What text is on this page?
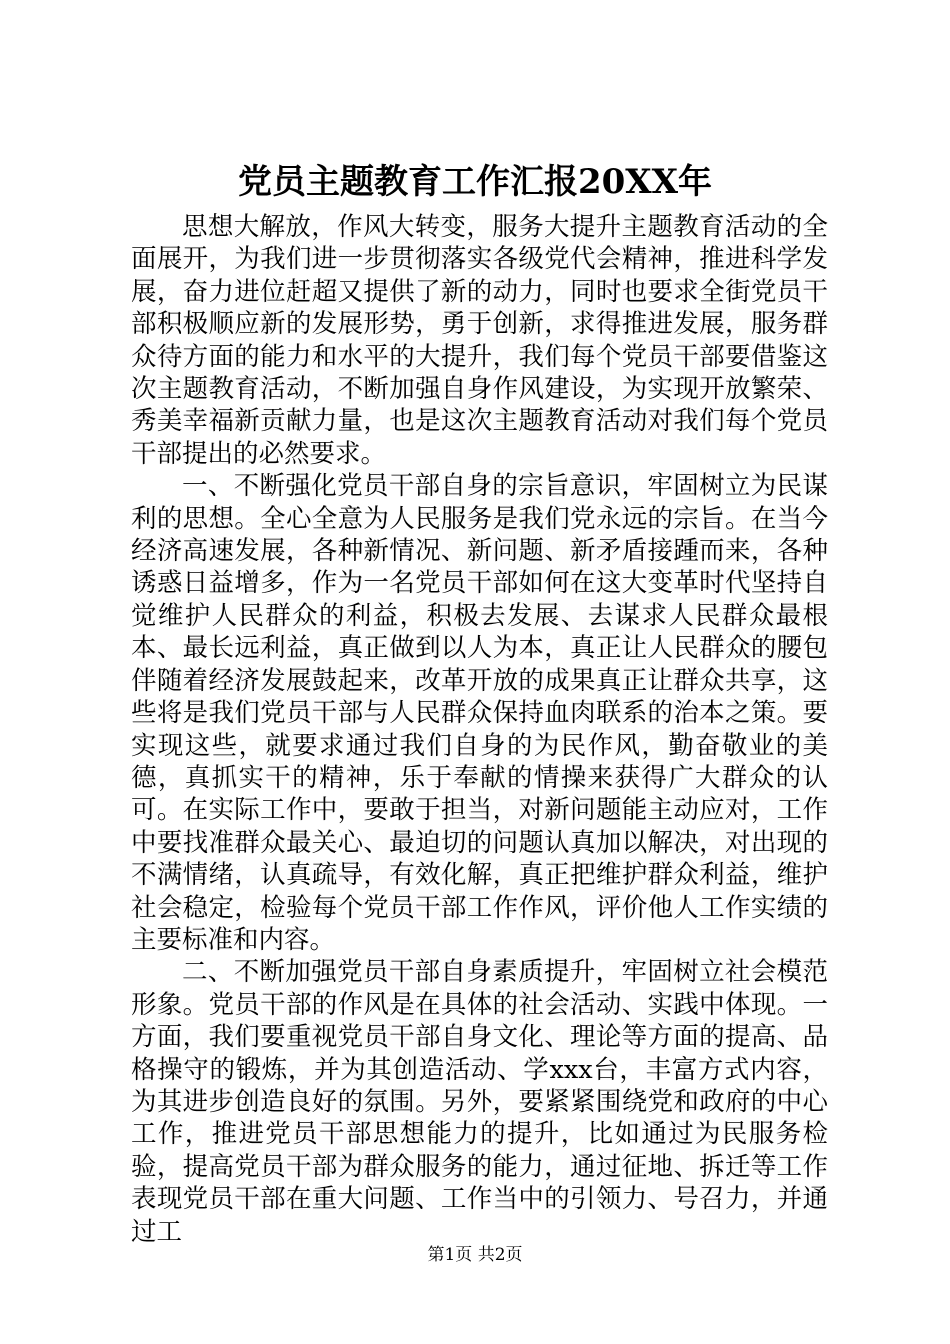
党员主题教育工作汇报20XX年

思想大解放，作风大转变，服务大提升主题教育活动的全面展开，为我们进一步贯彻落实各级党代会精神，推进科学发展，奋力进位赶超又提供了新的动力，同时也要求全街党员干部积极顺应新的发展形势，勇于创新，求得推进发展，服务群众待方面的能力和水平的大提升，我们每个党员干部要借鉴这次主题教育活动，不断加强自身作风建设，为实现开放繁荣、秀美幸福新贡献力量，也是这次主题教育活动对我们每个党员干部提出的必然要求。

一、不断强化党员干部自身的宗旨意识，牢固树立为民谋利的思想。全心全意为人民服务是我们党永远的宗旨。在当今经济高速发展，各种新情况、新问题、新矛盾接踵而来，各种诱惑日益增多，作为一名党员干部如何在这大变革时代坚持自觉维护人民群众的利益，积极去发展、去谋求人民群众最根本、最长远利益，真正做到以人为本，真正让人民群众的腰包伴随着经济发展鼓起来，改革开放的成果真正让群众共享，这些将是我们党员干部与人民群众保持血肉联系的治本之策。要实现这些，就要求通过我们自身的为民作风，勤奋敬业的美德，真抓实干的精神，乐于奉献的情操来获得广大群众的认可。在实际工作中，要敢于担当，对新问题能主动应对，工作中要找准群众最关心、最迫切的问题认真加以解决，对出现的不满情绪，认真疏导，有效化解，真正把维护群众利益，维护社会稳定，检验每个党员干部工作作风，评价他人工作实绩的主要标准和内容。

二、不断加强党员干部自身素质提升，牢固树立社会模范形象。党员干部的作风是在具体的社会活动、实践中体现。一方面，我们要重视党员干部自身文化、理论等方面的提高、品格操守的锻炼，并为其创造活动、学xxx台，丰富方式内容，为其进步创造良好的氛围。另外，要紧紧围绕党和政府的中心工作，推进党员干部思想能力的提升，比如通过为民服务检验，提高党员干部为群众服务的能力，通过征地、拆迁等工作表现党员干部在重大问题、工作当中的引领力、号召力，并通过工

第1页 共2页
